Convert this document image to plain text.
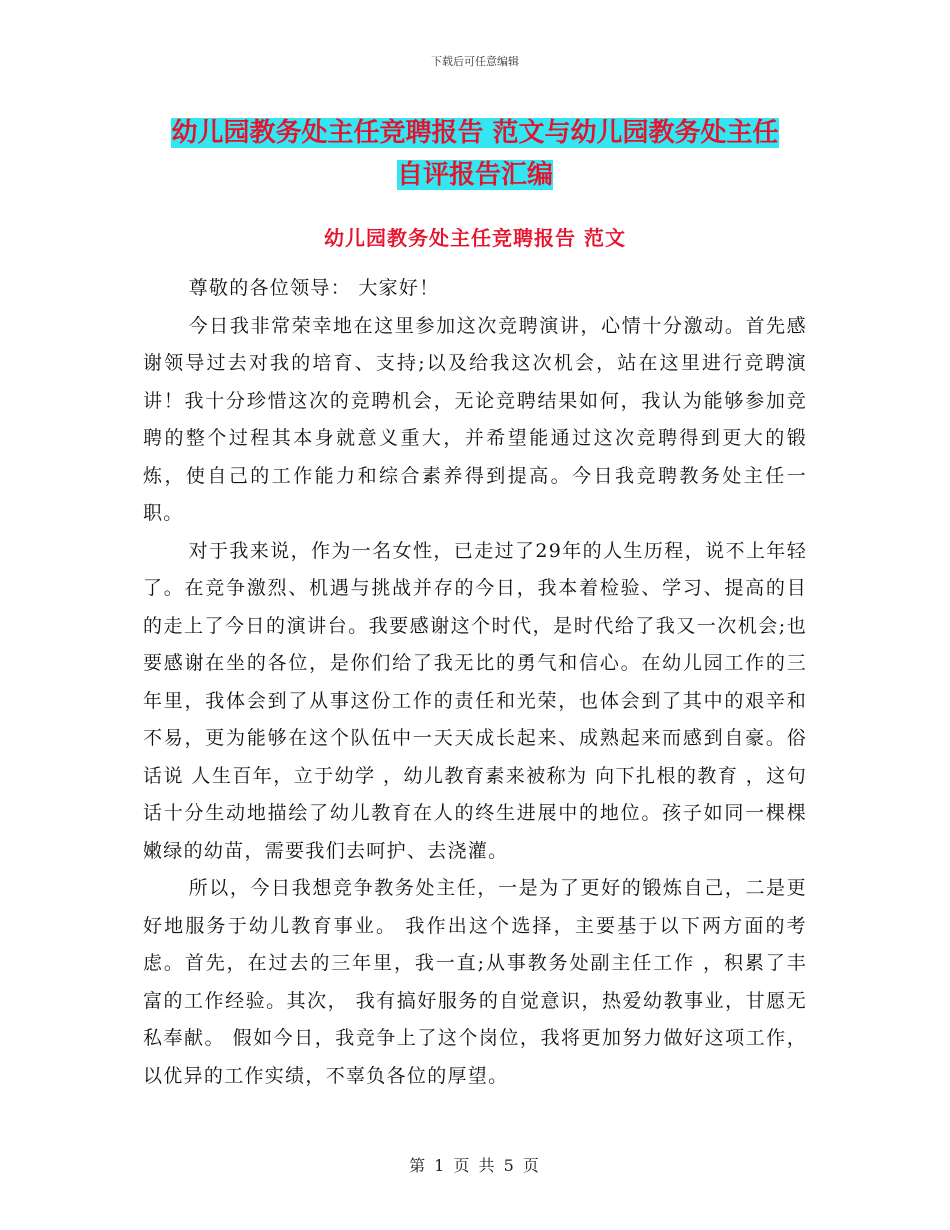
下载后可任意编辑
幼儿园教务处主任竞聘报告 范文与幼儿园教务处主任
自评报告汇编
幼儿园教务处主任竞聘报告 范文

尊敬的各位领导： 大家好！

今日我非常荣幸地在这里参加这次竞聘演讲，心情十分激动。首先感谢领导过去对我的培育、支持;以及给我这次机会，站在这里进行竞聘演讲！我十分珍惜这次的竞聘机会，无论竞聘结果如何，我认为能够参加竞聘的整个过程其本身就意义重大，并希望能通过这次竞聘得到更大的锻炼，使自己的工作能力和综合素养得到提高。今日我竞聘教务处主任一职。

对于我来说，作为一名女性，已走过了29年的人生历程，说不上年轻了。在竞争激烈、机遇与挑战并存的今日，我本着检验、学习、提高的目的走上了今日的演讲台。我要感谢这个时代，是时代给了我又一次机会;也要感谢在坐的各位，是你们给了我无比的勇气和信心。在幼儿园工作的三年里，我体会到了从事这份工作的责任和光荣，也体会到了其中的艰辛和不易，更为能够在这个队伍中一天天成长起来、成熟起来而感到自豪。俗话说 人生百年，立于幼学 ，幼儿教育素来被称为 向下扎根的教育 ，这句话十分生动地描绘了幼儿教育在人的终生进展中的地位。孩子如同一棵棵嫩绿的幼苗，需要我们去呵护、去浇灌。

所以，今日我想竞争教务处主任，一是为了更好的锻炼自己，二是更好地服务于幼儿教育事业。 我作出这个选择，主要基于以下两方面的考虑。首先，在过去的三年里，我一直;从事教务处副主任工作 ，积累了丰富的工作经验。其次， 我有搞好服务的自觉意识，热爱幼教事业，甘愿无私奉献。 假如今日，我竞争上了这个岗位，我将更加努力做好这项工作，以优异的工作实绩，不辜负各位的厚望。

第 1 页 共 5 页
